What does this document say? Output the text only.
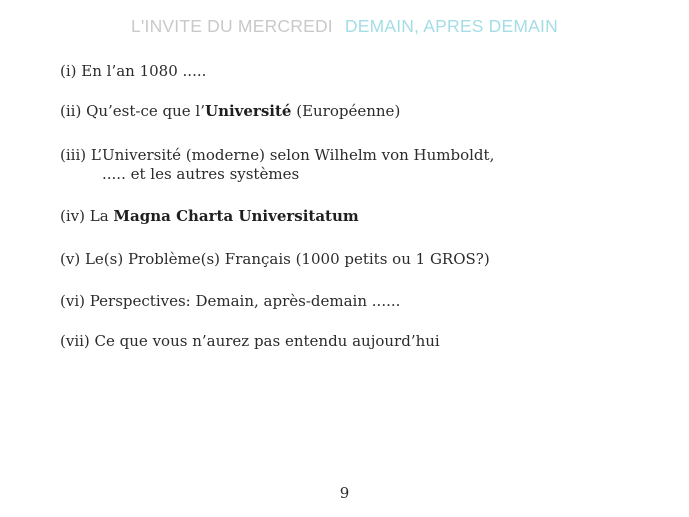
L'INVITE DU MERCREDI DEMAIN, APRES DEMAIN
(i) En l’an 1080 .....
(ii) Qu’est-ce que l’Université (Européenne)
(iii) L’Université (moderne) selon Wilhelm von Humboldt,
..... et les autres systèmes
(iv) La Magna Charta Universitatum
(v) Le(s) Problème(s) Français (1000 petits ou 1 GROS?)
(vi) Perspectives: Demain, après-demain ......
(vii) Ce que vous n’aurez pas entendu aujourd’hui
9
